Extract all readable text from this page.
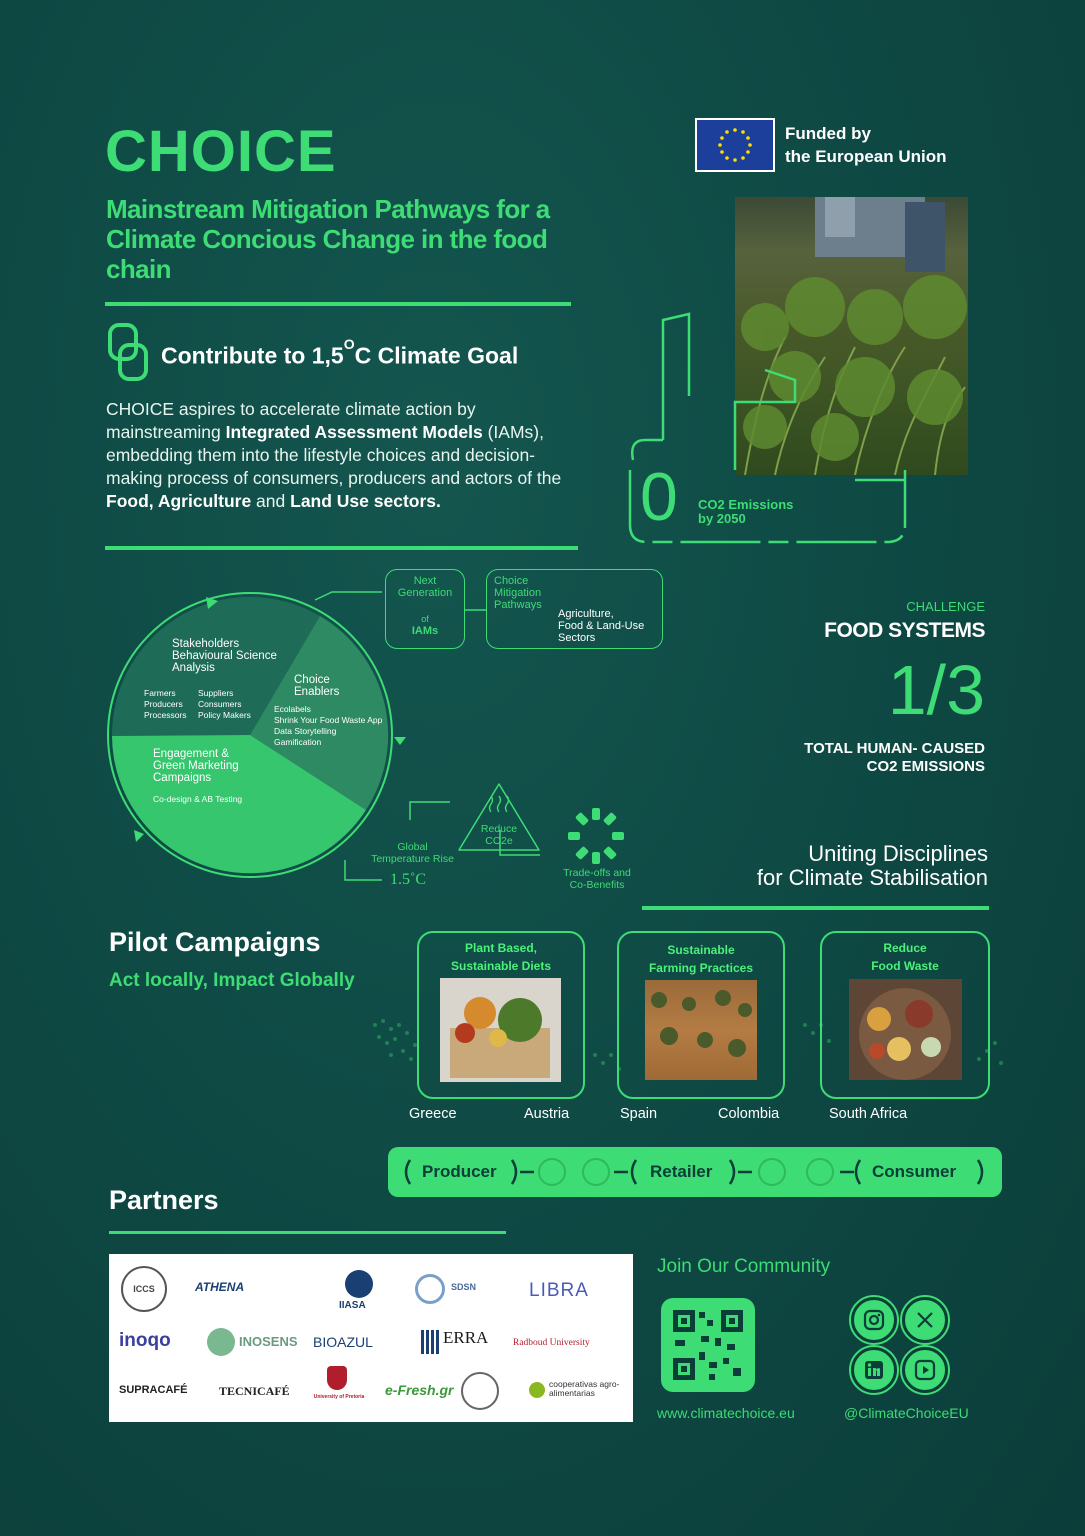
CHOICE
Mainstream Mitigation Pathways for a Climate Concious Change in the food chain
Funded by
the European Union
Contribute to $1,5^OC$ Climate Goal
CHOICE aspires to accelerate climate action by mainstreaming Integrated Assessment Models (IAMs), embedding them into the lifestyle choices and decision-making process of consumers, producers and actors of the Food, Agriculture and Land Use sectors.	0 CO2 Emissions
by 2050
Stakeholders
Behavioural Science
Analysis
Farmers
Producers
Processors
Suppliers
Consumers
Policy Makers
Choice
Enablers
Ecolabels
Shrink Your Food Waste App
Data Storytelling
Gamification
Engagement &
Green Marketing
Campaigns
Co-design & AB Testing
Next
Generation
of
IAMs
Choice
Mitigation
Pathways
Agriculture,
Food & Land-Use
Sectors
Reduce
CO2e
Global
Temperature Rise
1.5˚C	Trade-offs and
Co-Benefits
CHALLENGE
FOOD SYSTEMS
1/3
TOTAL HUMAN- CAUSED
CO2 EMISSIONS
Uniting Disciplines
for Climate Stabilisation
Pilot Campaigns
Act locally, Impact Globally
Plant Based,
Sustainable Diets
Sustainable
Farming Practices
Reduce
Food Waste
Greece	Austria	Spain	Colombia	South Africa
Producer	Retailer	Consumer
Partners
ICCS	ATHENA
IIASA
SDSN	LIBRA
inoqo	INOSENS BIOAZUL	ERRA	Radboud University
SUPRACAFÉ	TECNICAFÉ	University of Pretoria e-Fresh.gr	cooperativas agro-alimentarias
Join Our Community
www.climatechoice.eu	@ClimateChoiceEU
